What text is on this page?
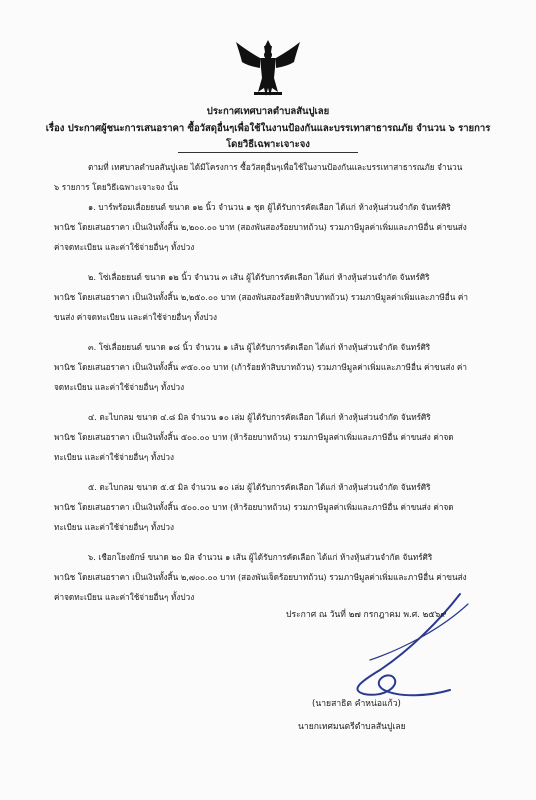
ประกาศเทศบาลตำบลสันปูเลย
เรื่อง ประกาศผู้ชนะการเสนอราคา ซื้อวัสดุอื่นๆเพื่อใช้ในงานป้องกันและบรรเทาสาธารณภัย จำนวน ๖ รายการ
โดยวิธีเฉพาะเจาะจง
ตามที่ เทศบาลตำบลสันปูเลย ได้มีโครงการ ซื้อวัสดุอื่นๆเพื่อใช้ในงานป้องกันและบรรเทาสาธารณภัย จำนวน
๖ รายการ โดยวิธีเฉพาะเจาะจง นั้น
๑. บาร์พร้อมเลื่อยยนต์ ขนาด ๑๒ นิ้ว จำนวน ๑ ชุด ผู้ได้รับการคัดเลือก ได้แก่ ห้างหุ้นส่วนจำกัด จันทร์ศิริ
พานิช โดยเสนอราคา เป็นเงินทั้งสิ้น ๒,๒๐๐.๐๐ บาท (สองพันสองร้อยบาทถ้วน) รวมภาษีมูลค่าเพิ่มและภาษีอื่น ค่าขนส่ง
ค่าจดทะเบียน และค่าใช้จ่ายอื่นๆ ทั้งปวง
๒. โซ่เลื่อยยนต์ ขนาด ๑๒ นิ้ว จำนวน ๓ เส้น ผู้ได้รับการคัดเลือก ได้แก่ ห้างหุ้นส่วนจำกัด จันทร์ศิริ
พานิช โดยเสนอราคา เป็นเงินทั้งสิ้น ๒,๒๕๐.๐๐ บาท (สองพันสองร้อยห้าสิบบาทถ้วน) รวมภาษีมูลค่าเพิ่มและภาษีอื่น ค่า
ขนส่ง ค่าจดทะเบียน และค่าใช้จ่ายอื่นๆ ทั้งปวง
๓. โซ่เลื่อยยนต์ ขนาด ๑๘ นิ้ว จำนวน ๑ เส้น ผู้ได้รับการคัดเลือก ได้แก่ ห้างหุ้นส่วนจำกัด จันทร์ศิริ
พานิช โดยเสนอราคา เป็นเงินทั้งสิ้น ๙๕๐.๐๐ บาท (เก้าร้อยห้าสิบบาทถ้วน) รวมภาษีมูลค่าเพิ่มและภาษีอื่น ค่าขนส่ง ค่า
จดทะเบียน และค่าใช้จ่ายอื่นๆ ทั้งปวง
๔. ตะไบกลม ขนาด ๔.๘ มิล จำนวน ๑๐ เล่ม ผู้ได้รับการคัดเลือก ได้แก่ ห้างหุ้นส่วนจำกัด จันทร์ศิริ
พานิช โดยเสนอราคา เป็นเงินทั้งสิ้น ๕๐๐.๐๐ บาท (ห้าร้อยบาทถ้วน) รวมภาษีมูลค่าเพิ่มและภาษีอื่น ค่าขนส่ง ค่าจด
ทะเบียน และค่าใช้จ่ายอื่นๆ ทั้งปวง
๕. ตะไบกลม ขนาด ๕.๕ มิล จำนวน ๑๐ เล่ม ผู้ได้รับการคัดเลือก ได้แก่ ห้างหุ้นส่วนจำกัด จันทร์ศิริ
พานิช โดยเสนอราคา เป็นเงินทั้งสิ้น ๕๐๐.๐๐ บาท (ห้าร้อยบาทถ้วน) รวมภาษีมูลค่าเพิ่มและภาษีอื่น ค่าขนส่ง ค่าจด
ทะเบียน และค่าใช้จ่ายอื่นๆ ทั้งปวง
๖. เชือกโยงยักษ์ ขนาด ๒๐ มิล จำนวน ๑ เส้น ผู้ได้รับการคัดเลือก ได้แก่ ห้างหุ้นส่วนจำกัด จันทร์ศิริ
พานิช โดยเสนอราคา เป็นเงินทั้งสิ้น ๒,๗๐๐.๐๐ บาท (สองพันเจ็ดร้อยบาทถ้วน) รวมภาษีมูลค่าเพิ่มและภาษีอื่น ค่าขนส่ง
ค่าจดทะเบียน และค่าใช้จ่ายอื่นๆ ทั้งปวง
ประกาศ ณ วันที่ ๒๗ กรกฎาคม พ.ศ. ๒๕๖๙
(นายสาธิต คำหน่อแก้ว)
นายกเทศมนตรีตำบลสันปูเลย
